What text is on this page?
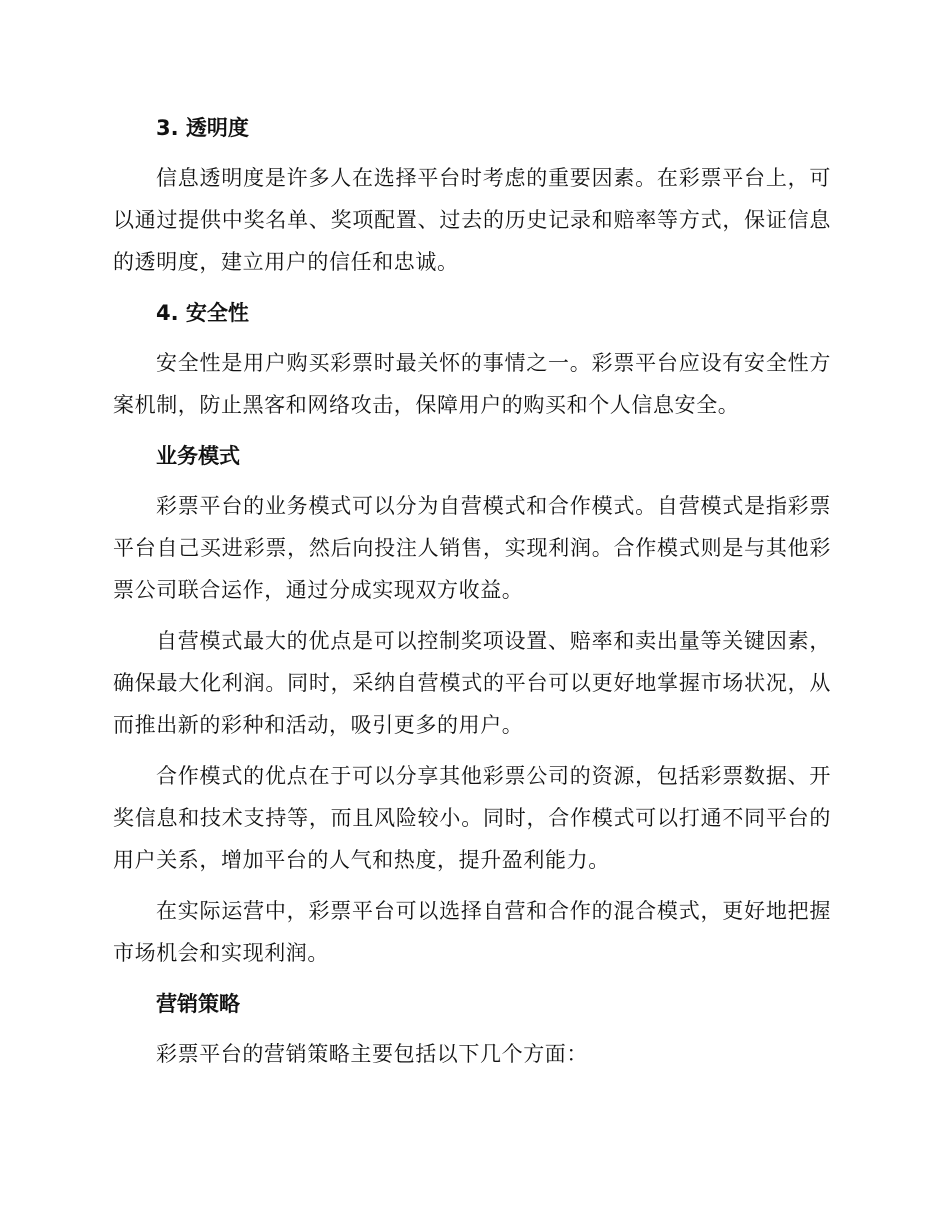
3. 透明度

信息透明度是许多人在选择平台时考虑的重要因素。在彩票平台上，可以通过提供中奖名单、奖项配置、过去的历史记录和赔率等方式，保证信息的透明度，建立用户的信任和忠诚。

4. 安全性

安全性是用户购买彩票时最关怀的事情之一。彩票平台应设有安全性方案机制，防止黑客和网络攻击，保障用户的购买和个人信息安全。

业务模式

彩票平台的业务模式可以分为自营模式和合作模式。自营模式是指彩票平台自己买进彩票，然后向投注人销售，实现利润。合作模式则是与其他彩票公司联合运作，通过分成实现双方收益。

自营模式最大的优点是可以控制奖项设置、赔率和卖出量等关键因素，确保最大化利润。同时，采纳自营模式的平台可以更好地掌握市场状况，从而推出新的彩种和活动，吸引更多的用户。

合作模式的优点在于可以分享其他彩票公司的资源，包括彩票数据、开奖信息和技术支持等，而且风险较小。同时，合作模式可以打通不同平台的用户关系，增加平台的人气和热度，提升盈利能力。

在实际运营中，彩票平台可以选择自营和合作的混合模式，更好地把握市场机会和实现利润。

营销策略

彩票平台的营销策略主要包括以下几个方面：
